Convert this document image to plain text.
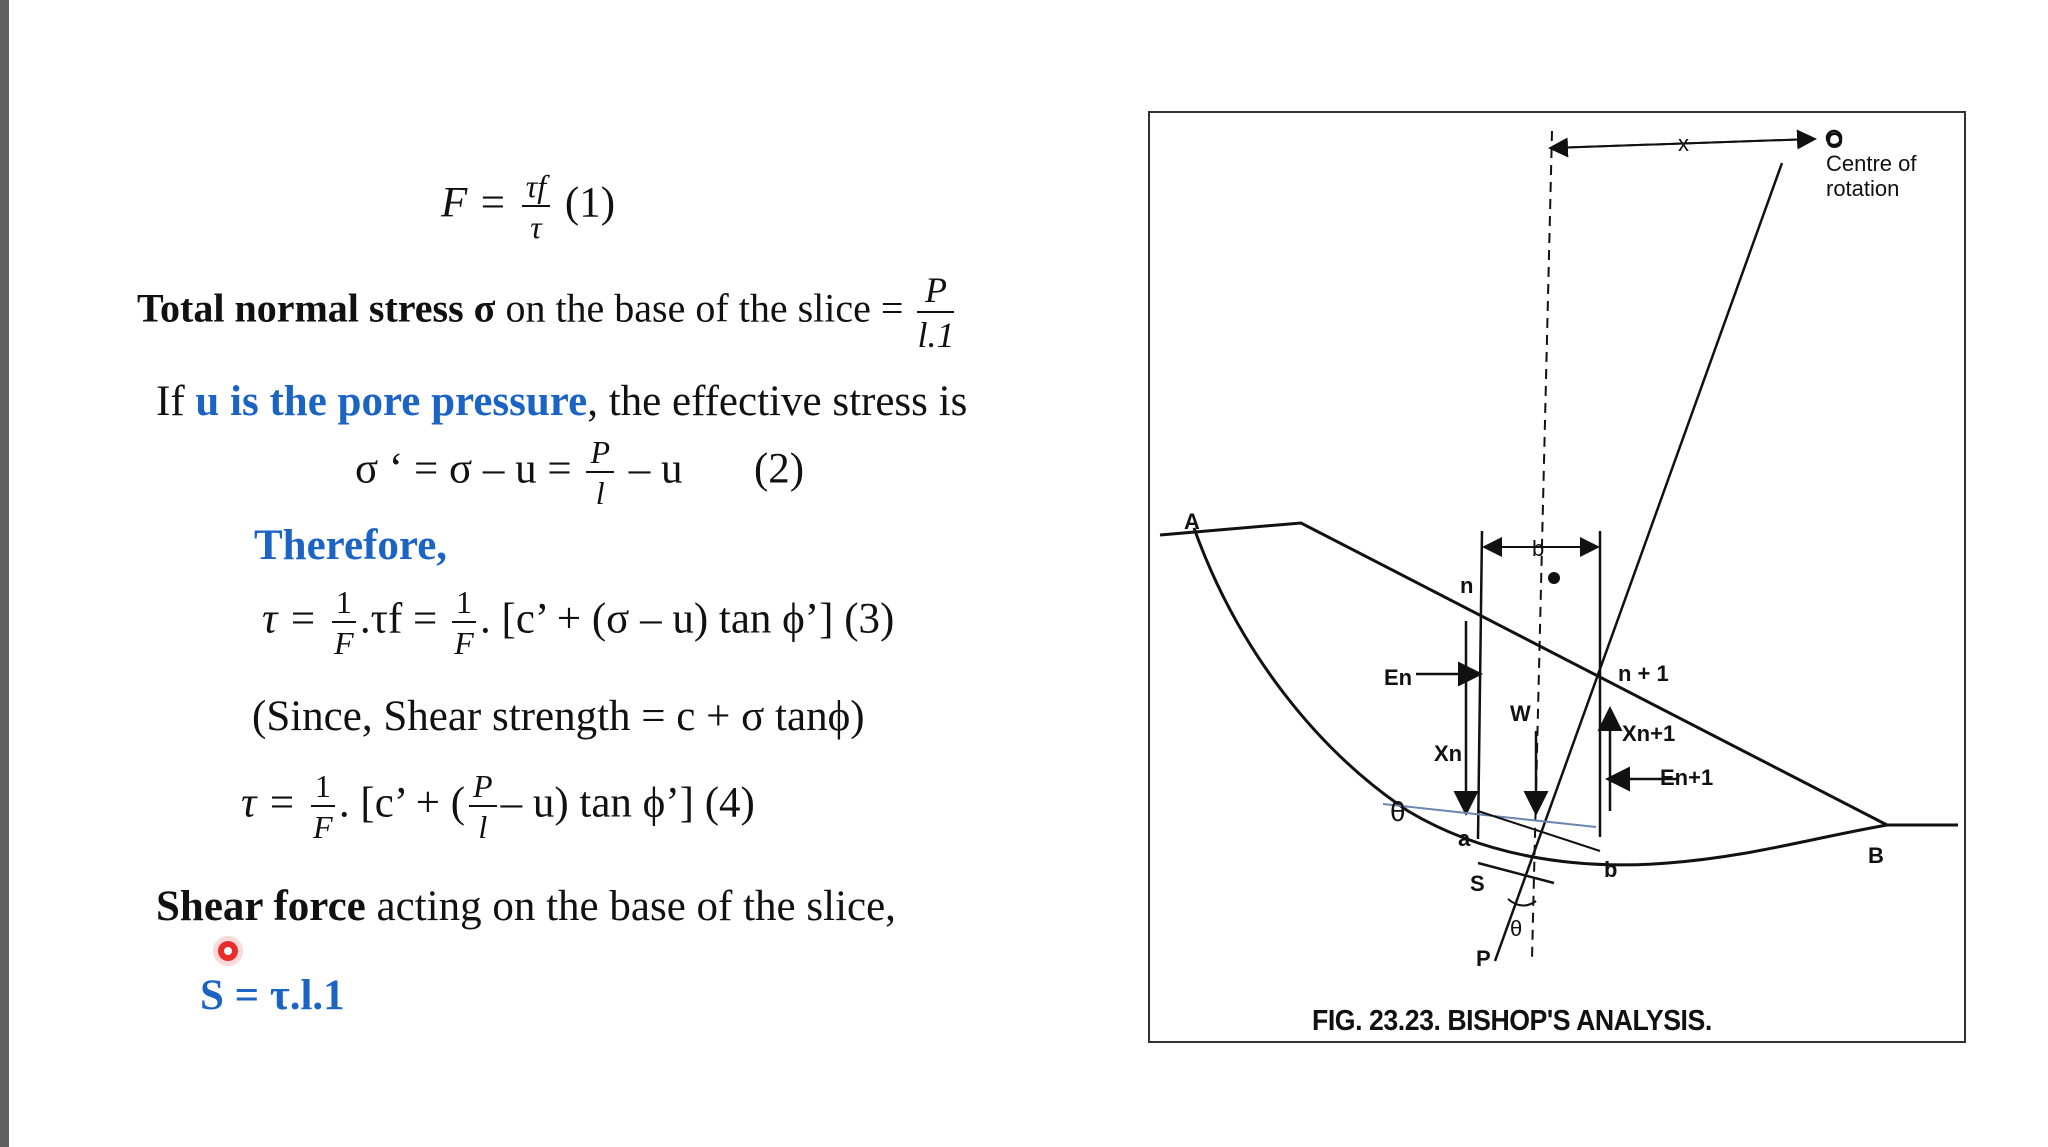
$F = \frac{\tau f}{\tau} (1)$
Total normal stress σ on the base of the slice = $\frac{P}{l.1}$
If u is the pore pressure, the effective stress is
σ ‘ = $\sigma - u = \frac{P}{l} - u$ (2)
Therefore,
$\tau = \frac{1}{F} .\tau f = \frac{1}{F}$ . [c’ + (σ – u) tan ϕ’] (3)
(Since, Shear strength = c + σ tanϕ)
$\tau = \frac{1}{F}$ . [c’ + ( $\frac{P}{l} - u$) tan ϕ’] (4)
Shear force acting on the base of the slice,
S = τ.l.1
O
Centre of
rotation
x
A
B
a
b
b
n
n + 1
En
Xn
Xn+1
En+1
W
θ
θ
S
P
FIG. 23.23. BISHOP'S ANALYSIS.
